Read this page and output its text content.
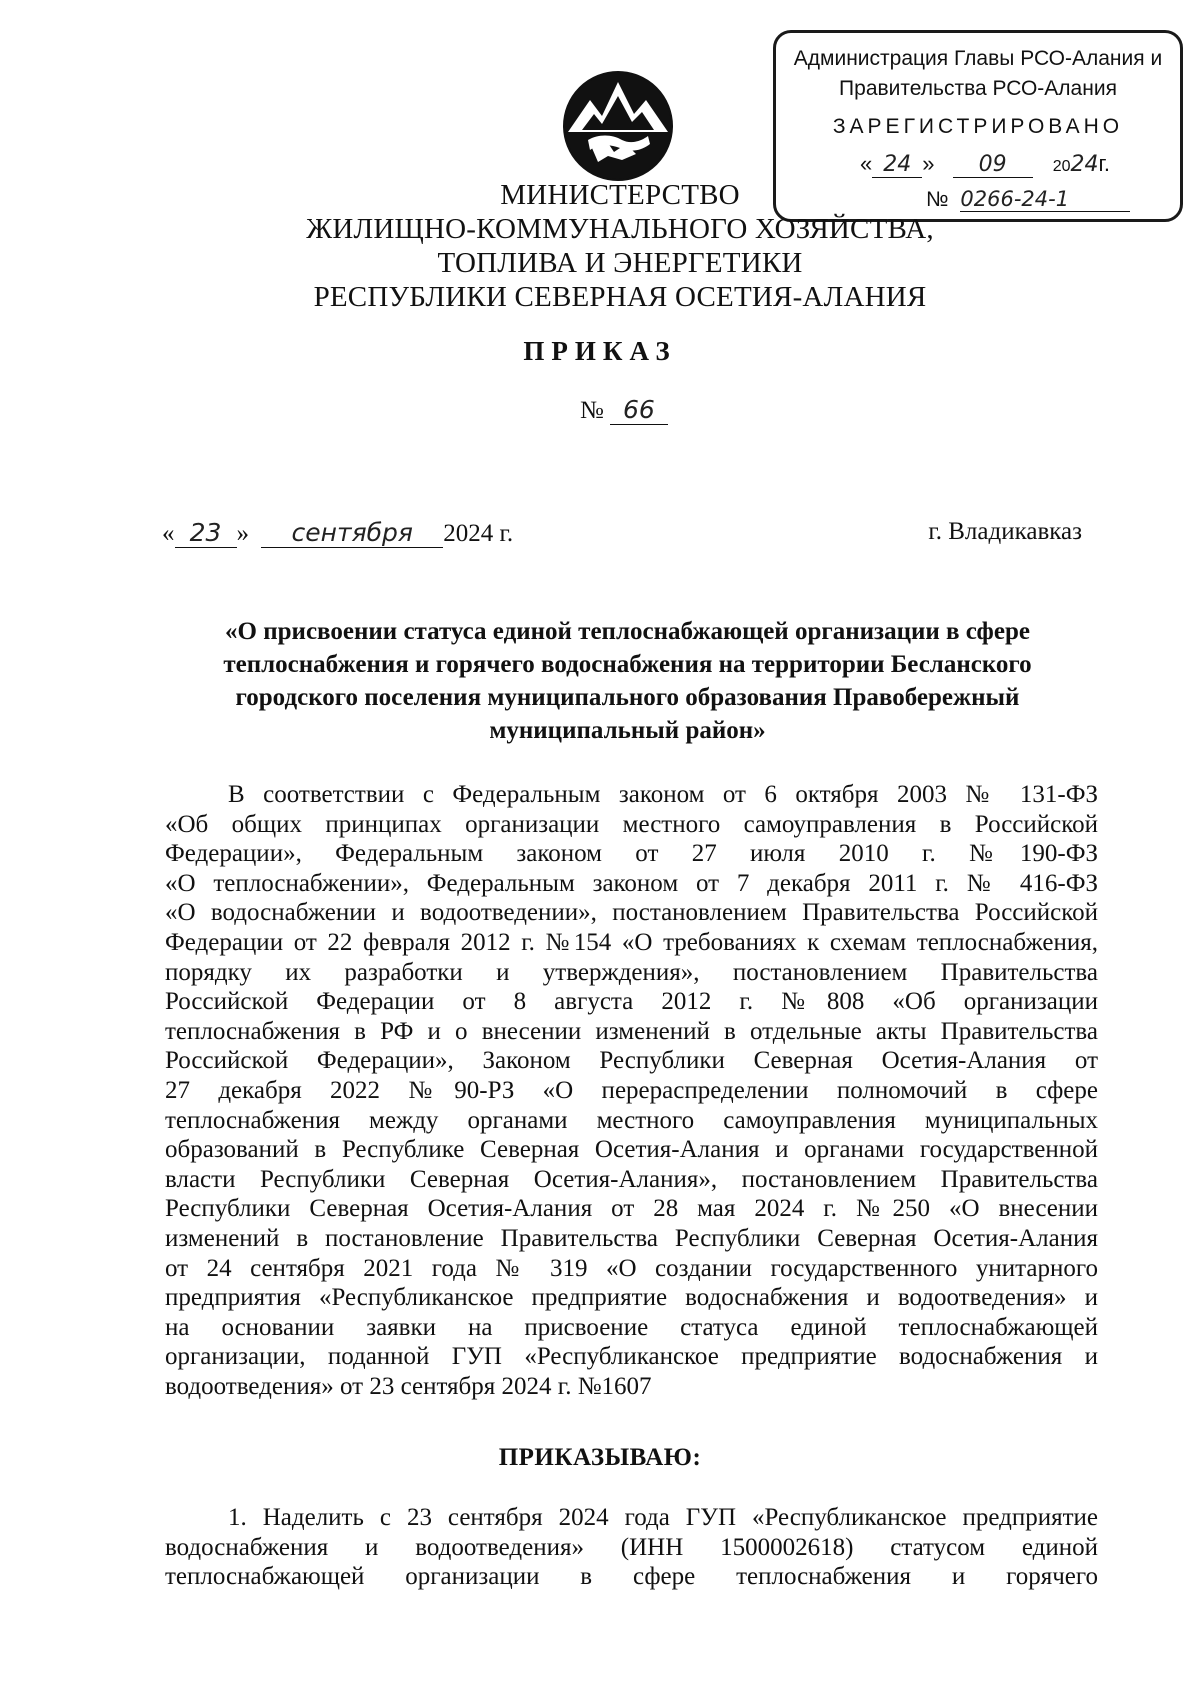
Администрация Главы РСО-Алания и
Правительства РСО-Алания
ЗАРЕГИСТРИРОВАНО
« 24 » 09	2024г.
№ 0266-24-1
МИНИСТЕРСТВО
ЖИЛИЩНО-КОММУНАЛЬНОГО ХОЗЯЙСТВА,
ТОПЛИВА И ЭНЕРГЕТИКИ
РЕСПУБЛИКИ СЕВЕРНАЯ ОСЕТИЯ-АЛАНИЯ
ПРИКАЗ
№ 66
« 23 » сентября 2024 г.	г. Владикавказ
«О присвоении статуса единой теплоснабжающей организации в сфере
теплоснабжения и горячего водоснабжения на территории Бесланского
городского поселения муниципального образования Правобережный
муниципальный район»
В соответствии с Федеральным законом от 6 октября 2003 № 131-ФЗ
«Об общих принципах организации местного самоуправления в Российской
Федерации», Федеральным законом от 27 июля 2010 г. №190-ФЗ
«О теплоснабжении», Федеральным законом от 7 декабря 2011 г. № 416-ФЗ
«О водоснабжении и водоотведении», постановлением Правительства Российской
Федерации от 22 февраля 2012 г. №154 «О требованиях к схемам теплоснабжения,
порядку их разработки и утверждения», постановлением Правительства
Российской Федерации от 8 августа 2012 г. №808 «Об организации
теплоснабжения в РФ и о внесении изменений в отдельные акты Правительства
Российской Федерации», Законом Республики Северная Осетия-Алания от
27 декабря 2022 №90-РЗ «О перераспределении полномочий в сфере
теплоснабжения между органами местного самоуправления муниципальных
образований в Республике Северная Осетия-Алания и органами государственной
власти Республики Северная Осетия-Алания», постановлением Правительства
Республики Северная Осетия-Алания от 28 мая 2024 г. №250 «О внесении
изменений в постановление Правительства Республики Северная Осетия-Алания
от 24 сентября 2021 года № 319 «О создании государственного унитарного
предприятия «Республиканское предприятие водоснабжения и водоотведения» и
на основании заявки на присвоение статуса единой теплоснабжающей
организации, поданной ГУП «Республиканское предприятие водоснабжения и
водоотведения» от 23 сентября 2024 г. №1607
ПРИКАЗЫВАЮ:
1. Наделить с 23 сентября 2024 года ГУП «Республиканское предприятие
водоснабжения и водоотведения» (ИНН 1500002618) статусом единой
теплоснабжающей организации в сфере теплоснабжения и горячего
